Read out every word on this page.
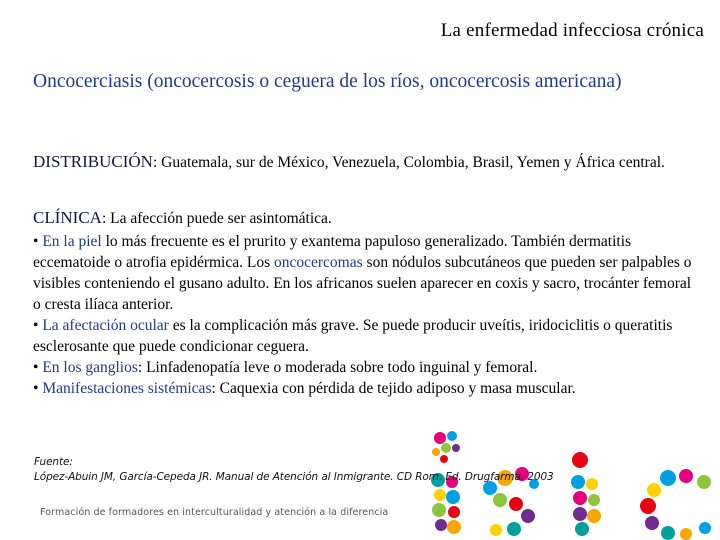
La enfermedad infecciosa crónica
Oncocerciasis (oncocercosis o ceguera de los ríos, oncocercosis americana)
DISTRIBUCIÓN: Guatemala, sur de México, Venezuela, Colombia, Brasil, Yemen y África central.
CLÍNICA: La afección puede ser asintomática.
• En la piel lo más frecuente es el prurito y exantema papuloso generalizado. También dermatitis eccematoide o atrofia epidérmica. Los oncocercomas son nódulos subcutáneos que pueden ser palpables o visibles conteniendo el gusano adulto. En los africanos suelen aparecer en coxis y sacro, trocánter femoral o cresta ilíaca anterior.
• La afectación ocular es la complicación más grave. Se puede producir uveítis, iridociclitis o queratitis esclerosante que puede condicionar ceguera.
• En los ganglios: Linfadenopatía leve o moderada sobre todo inguinal y femoral.
• Manifestaciones sistémicas: Caquexia con pérdida de tejido adiposo y masa muscular.
Fuente:
López-Abuin JM, García-Cepeda JR. Manual de Atención al Inmigrante. CD Rom. Ed. Drugfarma, 2003
Formación de formadores en interculturalidad y atención a la diferencia
